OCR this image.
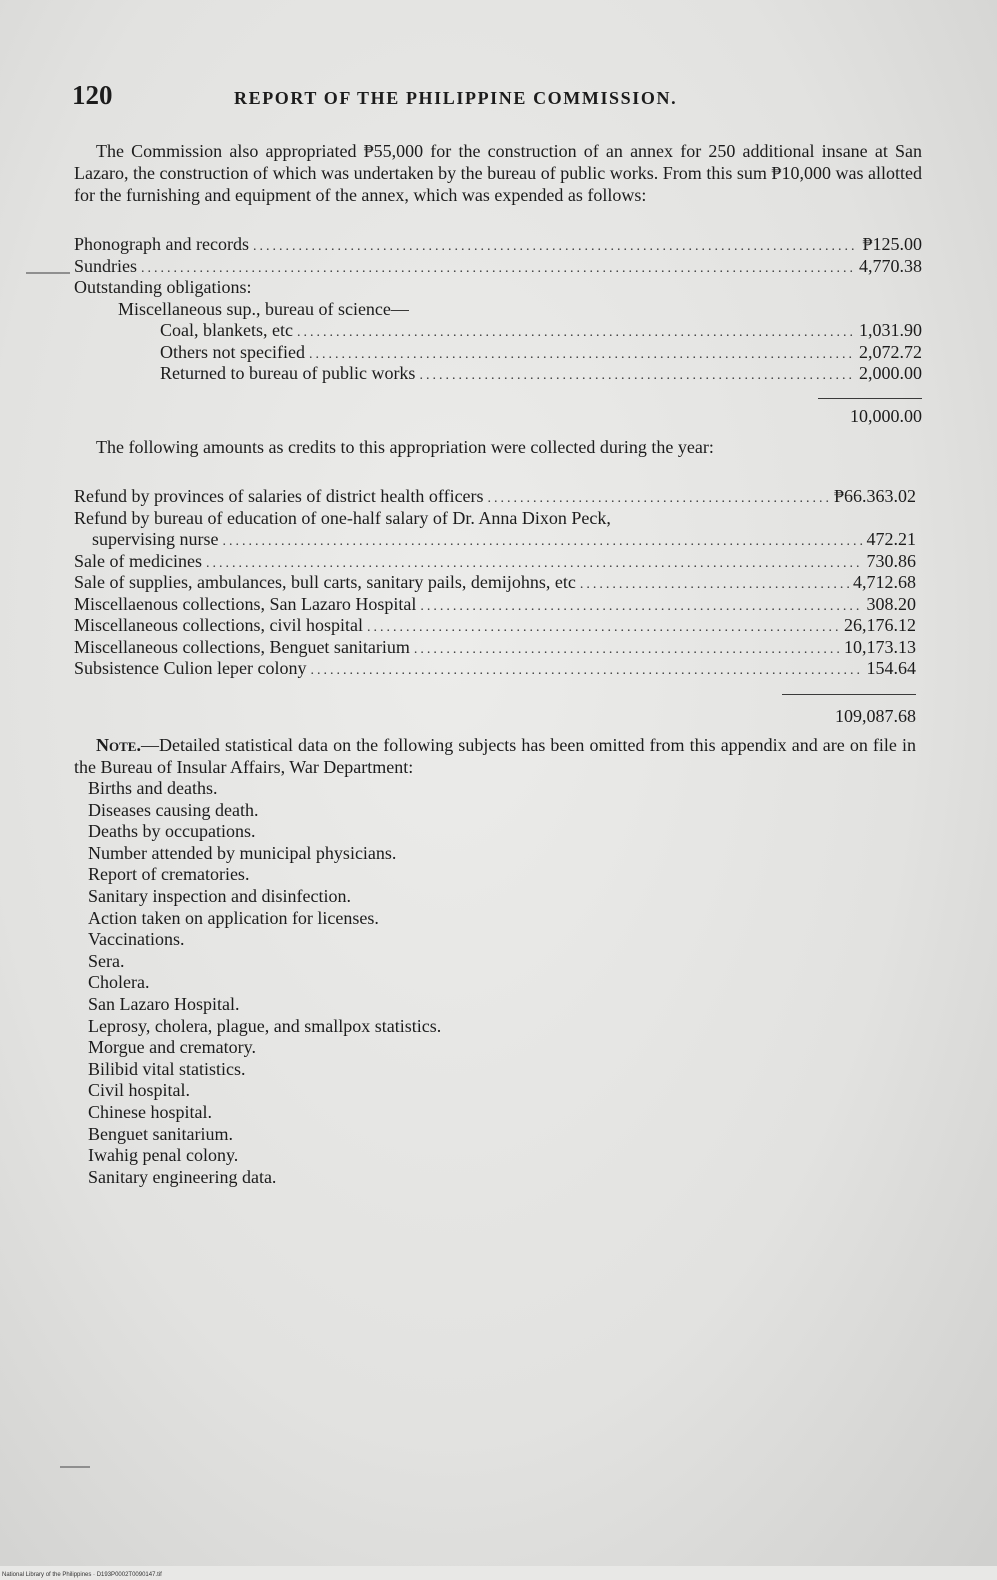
120	REPORT OF THE PHILIPPINE COMMISSION.

The Commission also appropriated ₱55,000 for the construction of an annex for 250 additional insane at San Lazaro, the construction of which was undertaken by the bureau of public works. From this sum ₱10,000 was allotted for the furnishing and equipment of the annex, which was expended as follows:

Phonograph and records .....	₱125.00
Sundries .....	4,770.38
Outstanding obligations:
Miscellaneous sup., bureau of science—
Coal, blankets, etc .....	1,031.90
Others not specified .....	2,072.72
Returned to bureau of public works .....	2,000.00
10,000.00

The following amounts as credits to this appropriation were collected during the year:

Refund by provinces of salaries of district health officers .....	₱66.363.02
Refund by bureau of education of one-half salary of Dr. Anna Dixon Peck,
supervising nurse .....	472.21
Sale of medicines .....	730.86
Sale of supplies, ambulances, bull carts, sanitary pails, demijohns, etc .....	4,712.68
Miscellaenous collections, San Lazaro Hospital .....	308.20
Miscellaneous collections, civil hospital .....	26,176.12
Miscellaneous collections, Benguet sanitarium .....	10,173.13
Subsistence Culion leper colony .....	154.64
109,087.68

Note.—Detailed statistical data on the following subjects has been omitted from this appendix and are on file in the Bureau of Insular Affairs, War Department:

Births and deaths.
Diseases causing death.
Deaths by occupations.
Number attended by municipal physicians.
Report of crematories.
Sanitary inspection and disinfection.
Action taken on application for licenses.
Vaccinations.
Sera.
Cholera.
San Lazaro Hospital.
Leprosy, cholera, plague, and smallpox statistics.
Morgue and crematory.
Bilibid vital statistics.
Civil hospital.
Chinese hospital.
Benguet sanitarium.
Iwahig penal colony.
Sanitary engineering data.
National Library of the Philippines · D193P0002T0090147.tif
